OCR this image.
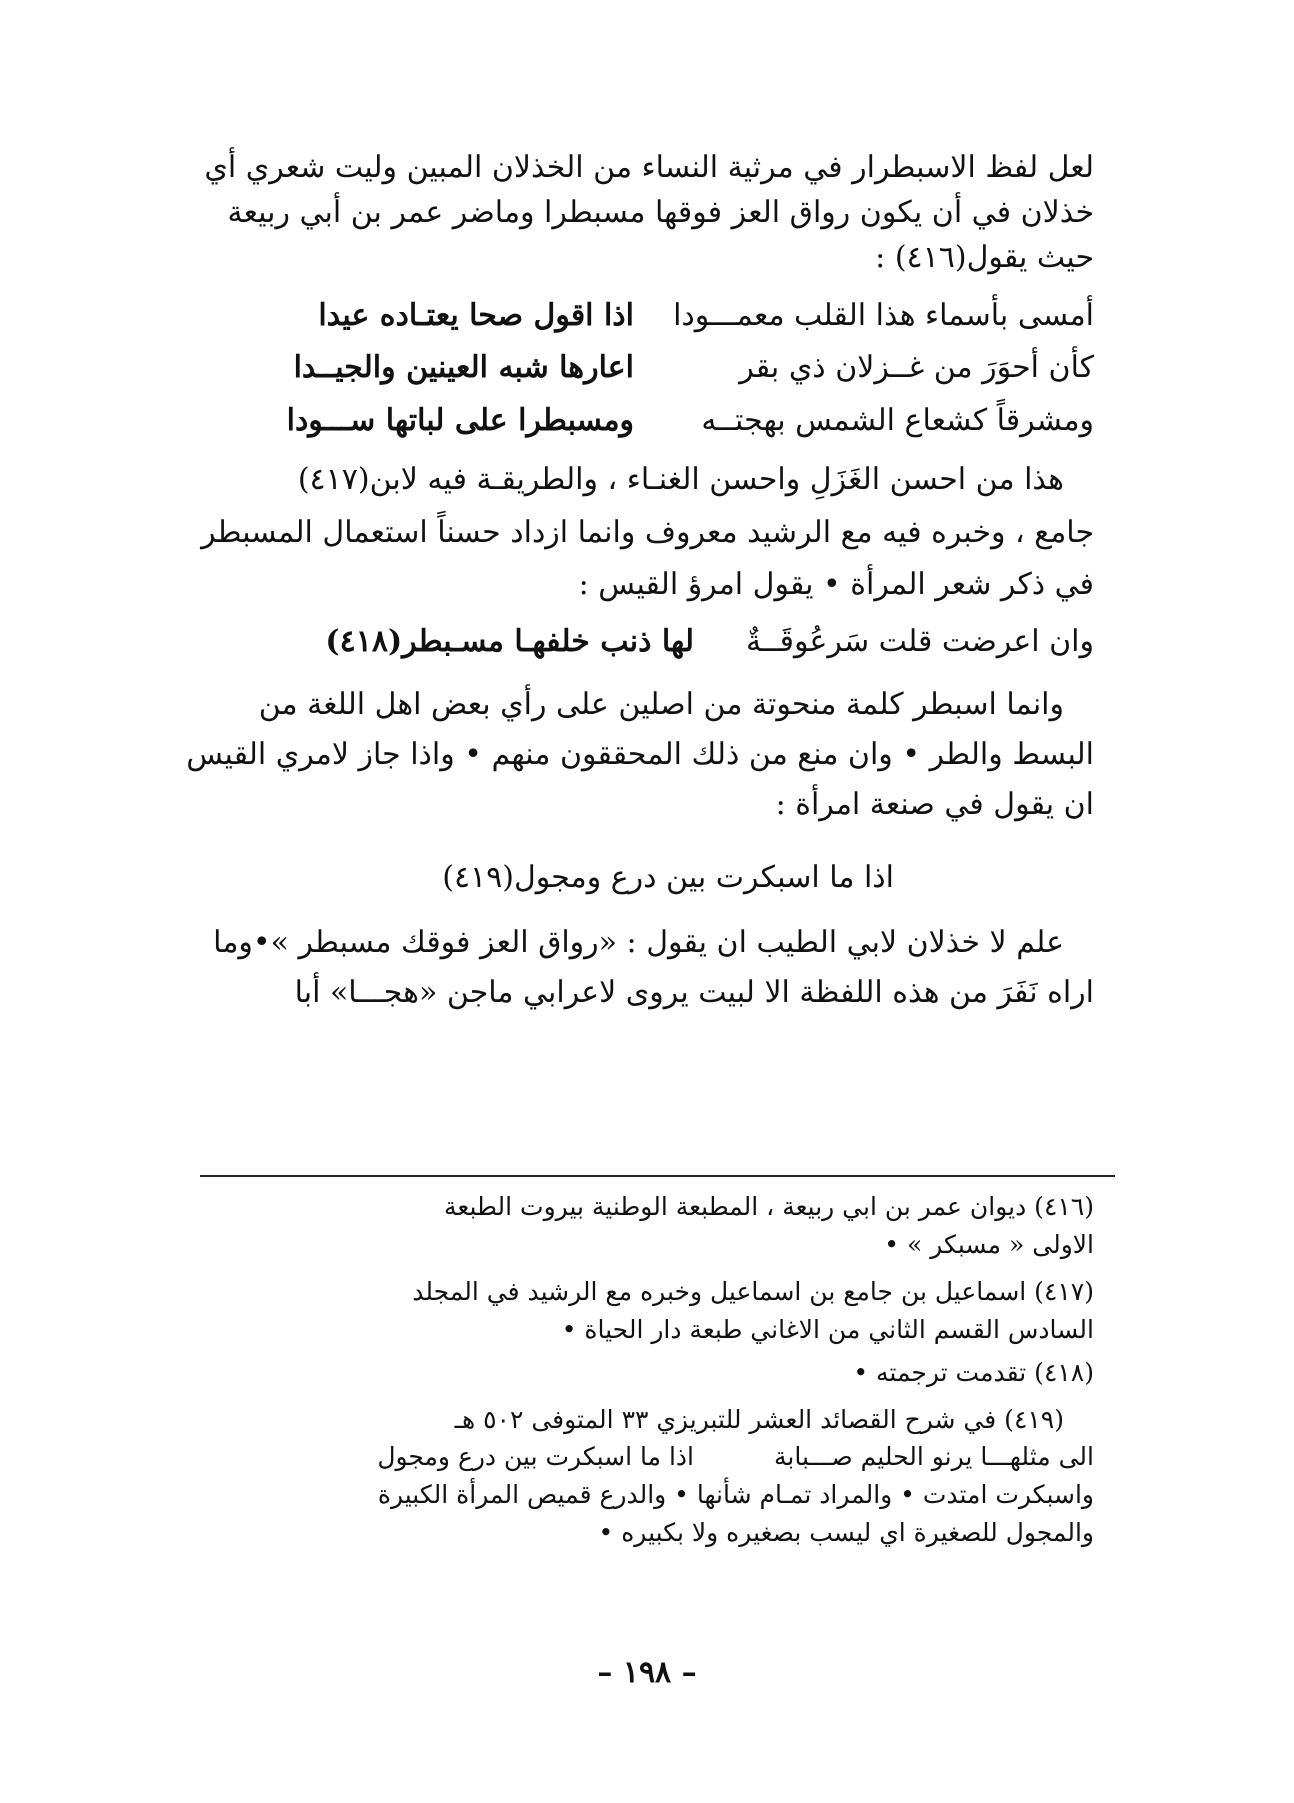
لعل لفظ الاسبطرار في مرثية النساء من الخذلان المبين وليت شعري أي
خذلان في أن يكون رواق العز فوقها مسبطرا وماضر عمر بن أبي ربيعة
حيث يقول(٤١٦) :
أمسى بأسماء هذا القلب معمـــودا
اذا اقول صحا يعتـاده عيدا
كأن أحوَرَ من غــزلان ذي بقر
اعارها شبه العينين والجيــدا
ومشرقاً كشعاع الشمس بهجتــه
ومسبطرا على لباتها ســـودا
هذا من احسن الغَزَلِ واحسن الغنـاء ، والطريقـة فيه لابن(٤١٧)
جامع ، وخبره فيه مع الرشيد معروف وانما ازداد حسناً استعمال المسبطر
في ذكر شعر المرأة • يقول امرؤ القيس :
وان اعرضت قلت سَرعُوقَــةٌ
لها ذنب خلفهـا مسـبطر(٤١٨)
وانما اسبطر كلمة منحوتة من اصلين على رأي بعض اهل اللغة من
البسط والطر • وان منع من ذلك المحققون منهم • واذا جاز لامري القيس
ان يقول في صنعة امرأة :
اذا ما اسبكرت بين درع ومجول(٤١٩)
علم لا خذلان لابي الطيب ان يقول : «رواق العز فوقك مسبطر »•وما
اراه نَفَرَ من هذه اللفظة الا لبيت يروى لاعرابي ماجن «هجـــا» أبا
(٤١٦) ديوان عمر بن ابي ربيعة ، المطبعة الوطنية بيروت الطبعة
الاولى « مسبكر » •
(٤١٧) اسماعيل بن جامع بن اسماعيل وخبره مع الرشيد في المجلد
السادس القسم الثاني من الاغاني طبعة دار الحياة •
(٤١٨) تقدمت ترجمته •
(٤١٩) في شرح القصائد العشر للتبريزي ٣٣ المتوفى ٥٠٢ هـ
الى مثلهـــا يرنو الحليم صـــبابة
اذا ما اسبكرت بين درع ومجول
واسبكرت امتدت • والمراد تمـام شأنها • والدرع قميص المرأة الكبيرة
والمجول للصغيرة اي ليسب بصغيره ولا بكبيره •
– ١٩٨ –
